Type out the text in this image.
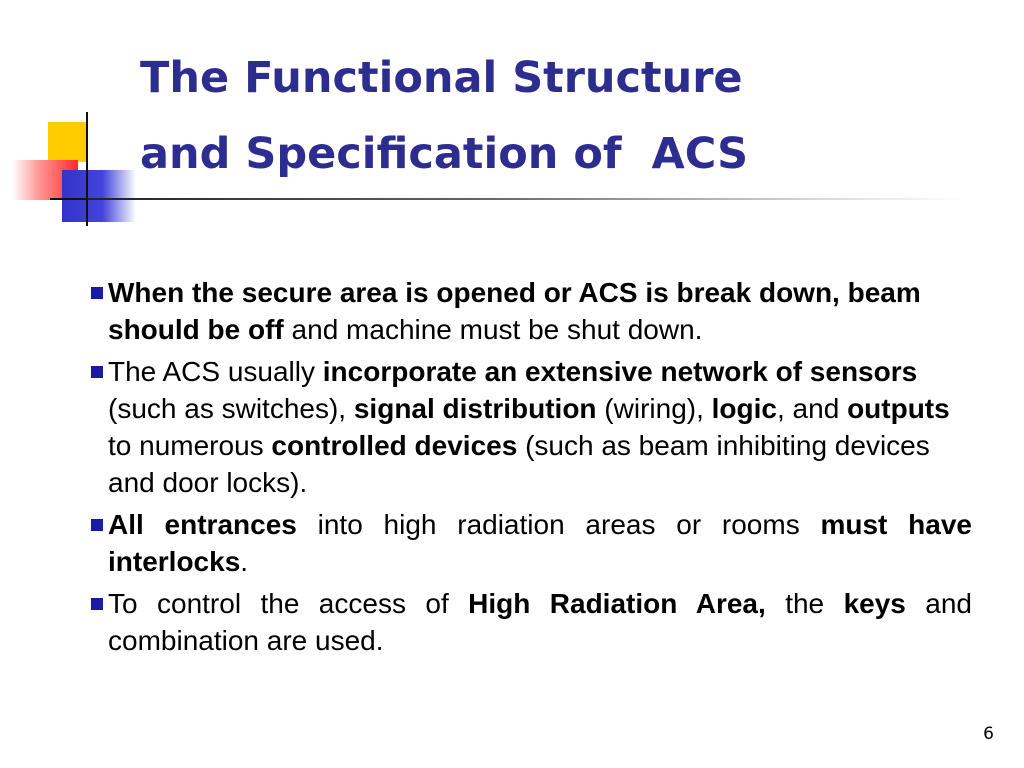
The Functional Structure
and Specification of  ACS
When the secure area is opened or ACS is break down, beam should be off and machine must be shut down.
The ACS usually incorporate an extensive network of sensors (such as switches), signal distribution (wiring), logic, and outputs to numerous controlled devices (such as beam inhibiting devices and door locks).
All entrances into high radiation areas or rooms must have interlocks.
To control the access of High Radiation Area, the keys and combination are used.
6
